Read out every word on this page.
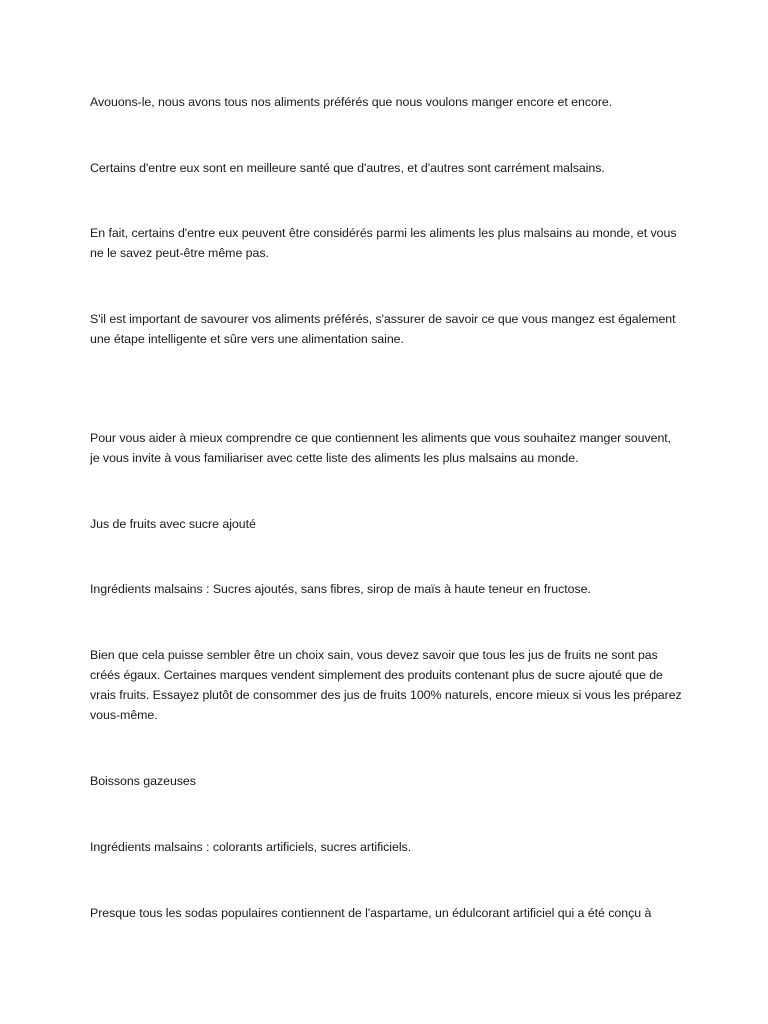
Avouons-le, nous avons tous nos aliments préférés que nous voulons manger encore et encore.

Certains d'entre eux sont en meilleure santé que d'autres, et d'autres sont carrément malsains.

En fait, certains d'entre eux peuvent être considérés parmi les aliments les plus malsains au monde, et vous ne le savez peut-être même pas.

S'il est important de savourer vos aliments préférés, s'assurer de savoir ce que vous mangez est également une étape intelligente et sûre vers une alimentation saine.

Pour vous aider à mieux comprendre ce que contiennent les aliments que vous souhaitez manger souvent, je vous invite à vous familiariser avec cette liste des aliments les plus malsains au monde.

Jus de fruits avec sucre ajouté

Ingrédients malsains : Sucres ajoutés, sans fibres, sirop de maïs à haute teneur en fructose.

Bien que cela puisse sembler être un choix sain, vous devez savoir que tous les jus de fruits ne sont pas créés égaux. Certaines marques vendent simplement des produits contenant plus de sucre ajouté que de vrais fruits. Essayez plutôt de consommer des jus de fruits 100% naturels, encore mieux si vous les préparez vous-même.

Boissons gazeuses

Ingrédients malsains : colorants artificiels, sucres artificiels.

Presque tous les sodas populaires contiennent de l'aspartame, un édulcorant artificiel qui a été conçu à
